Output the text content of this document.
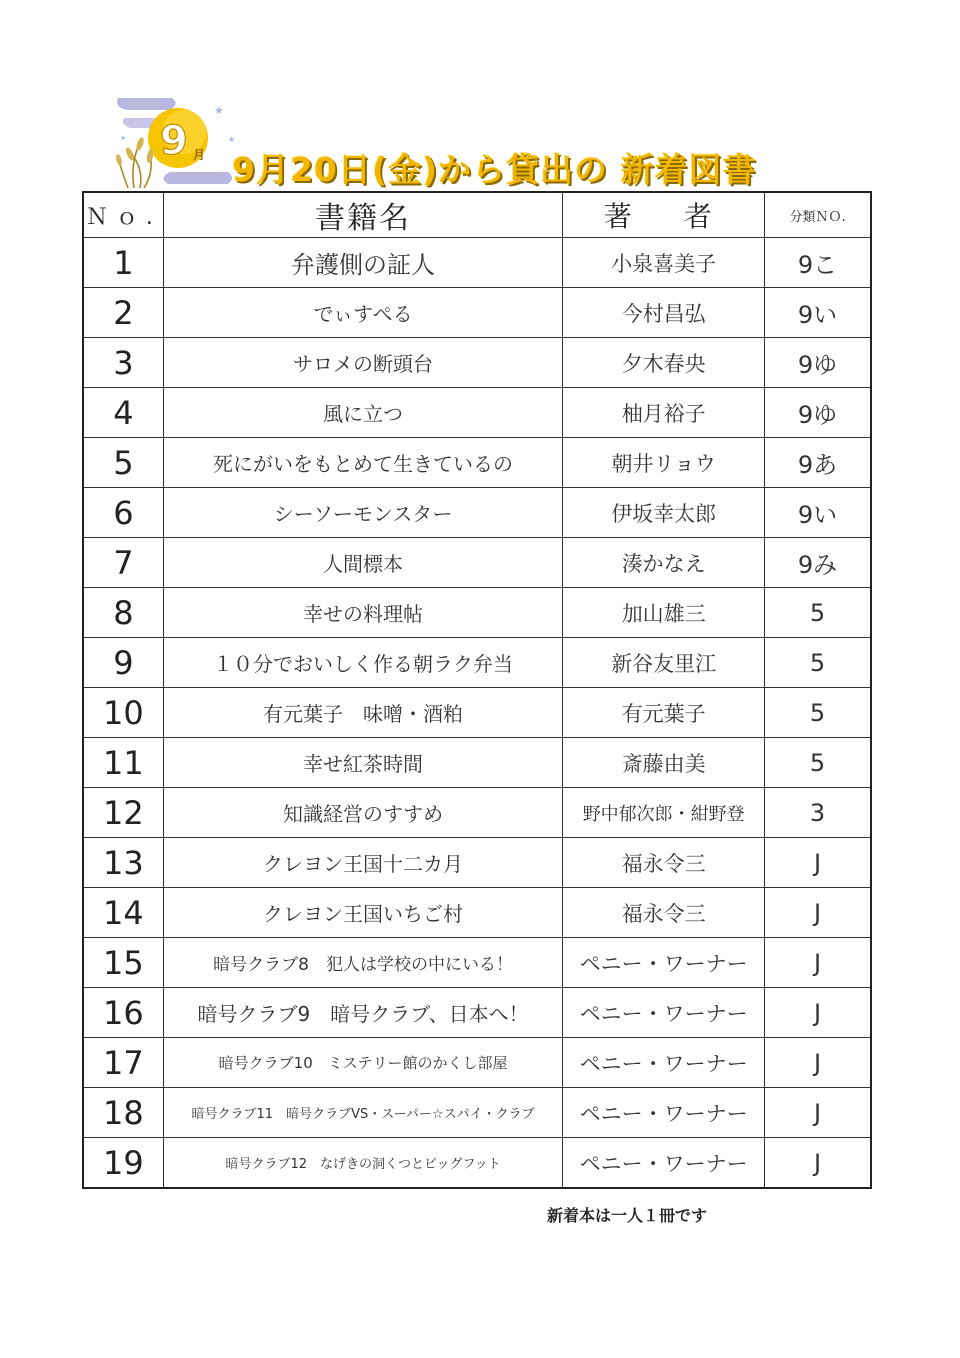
★
★
★ 9 月 9月20日(金)から貸出の 新着図書
Ｎｏ.	書籍名	著　者	分類ＮＯ.
1	弁護側の証人	小泉喜美子	9こ
2	でぃすぺる	今村昌弘	9い
3	サロメの断頭台	夕木春央	9ゆ
4	風に立つ	柚月裕子	9ゆ
5	死にがいをもとめて生きているの	朝井リョウ	9あ
6	シーソーモンスター	伊坂幸太郎	9い
7	人間標本	湊かなえ	9み
8	幸せの料理帖	加山雄三	5
9	１０分でおいしく作る朝ラク弁当	新谷友里江	5
10	有元葉子　味噌・酒粕	有元葉子	5
11	幸せ紅茶時間	斎藤由美	5
12	知識経営のすすめ	野中郁次郎・紺野登	3
13	クレヨン王国十二カ月	福永令三	J
14	クレヨン王国いちご村	福永令三	J
15	暗号クラブ8　犯人は学校の中にいる！	ペニー・ワーナー	J
16	暗号クラブ9　暗号クラブ、日本へ！	ペニー・ワーナー	J
17	暗号クラブ10　ミステリー館のかくし部屋	ペニー・ワーナー	J
18	暗号クラブ11　暗号クラブVS・スーパー☆スパイ・クラブ	ペニー・ワーナー	J
19	暗号クラブ12　なげきの洞くつとビッグフット	ペニー・ワーナー	J
新着本は一人１冊です
